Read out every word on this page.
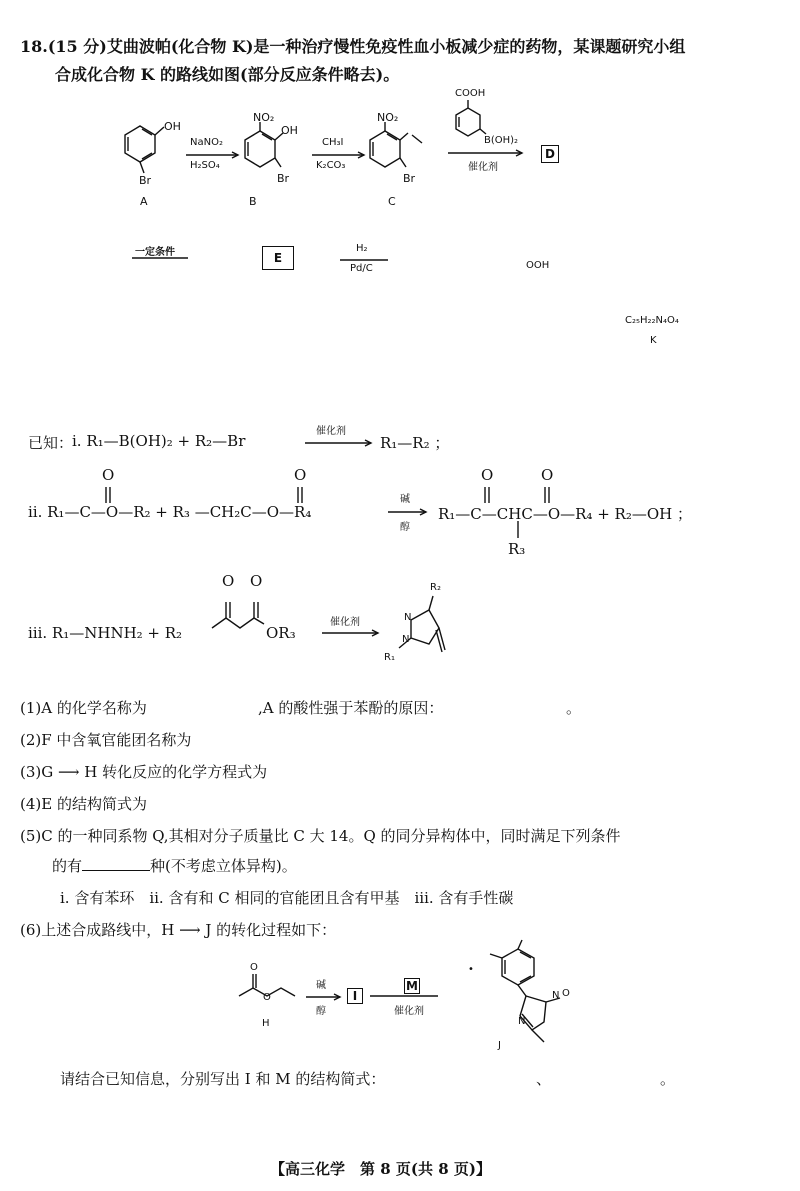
18.(15 分)艾曲波帕(化合物 K)是一种治疗慢性免疫性血小板减少症的药物，某课题研究小组
合成化合物 K 的路线如图(部分反应条件略去)。
OH
Br
A
NaNO₂
H₂SO₄
NO₂
OH
Br
B
CH₃I
K₂CO₃
NO₂
Br
C
COOH
B(OH)₂
催化剂
D
一定条件	E
H₂
Pd/C	OOH
C₂₅H₂₂N₄O₄
K
已知：
ⅰ. R₁—B(OH)₂ + R₂—Br
催化剂
R₁—R₂ ；
O	O	O	O
ⅱ. R₁—C—O—R₂ + R₃ —CH₂C—O—R₄
碱
醇
R₁—C—CHC—O—R₄ + R₂—OH ；
R₃
ⅲ. R₁—NHNH₂ + R₂
O O
OR₃
催化剂
R₂
N
N
R₁
(1)A 的化学名称为	,A 的酸性强于苯酚的原因：	。
(2)F 中含氧官能团名称为
(3)G ⟶ H 转化反应的化学方程式为
(4)E 的结构简式为
(5)C 的一种同系物 Q,其相对分子质量比 C 大 14。Q 的同分异构体中，同时满足下列条件
的有	种(不考虑立体异构)。
ⅰ. 含有苯环　ⅱ. 含有和 C 相同的官能团且含有甲基　ⅲ. 含有手性碳
(6)上述合成路线中，H ⟶ J 的转化过程如下：
O
O
H
碱
醇
I
M
催化剂
•
N
N
O
J
请结合已知信息，分别写出 I 和 M 的结构简式：	、	。
【高三化学　第 8 页(共 8 页)】
